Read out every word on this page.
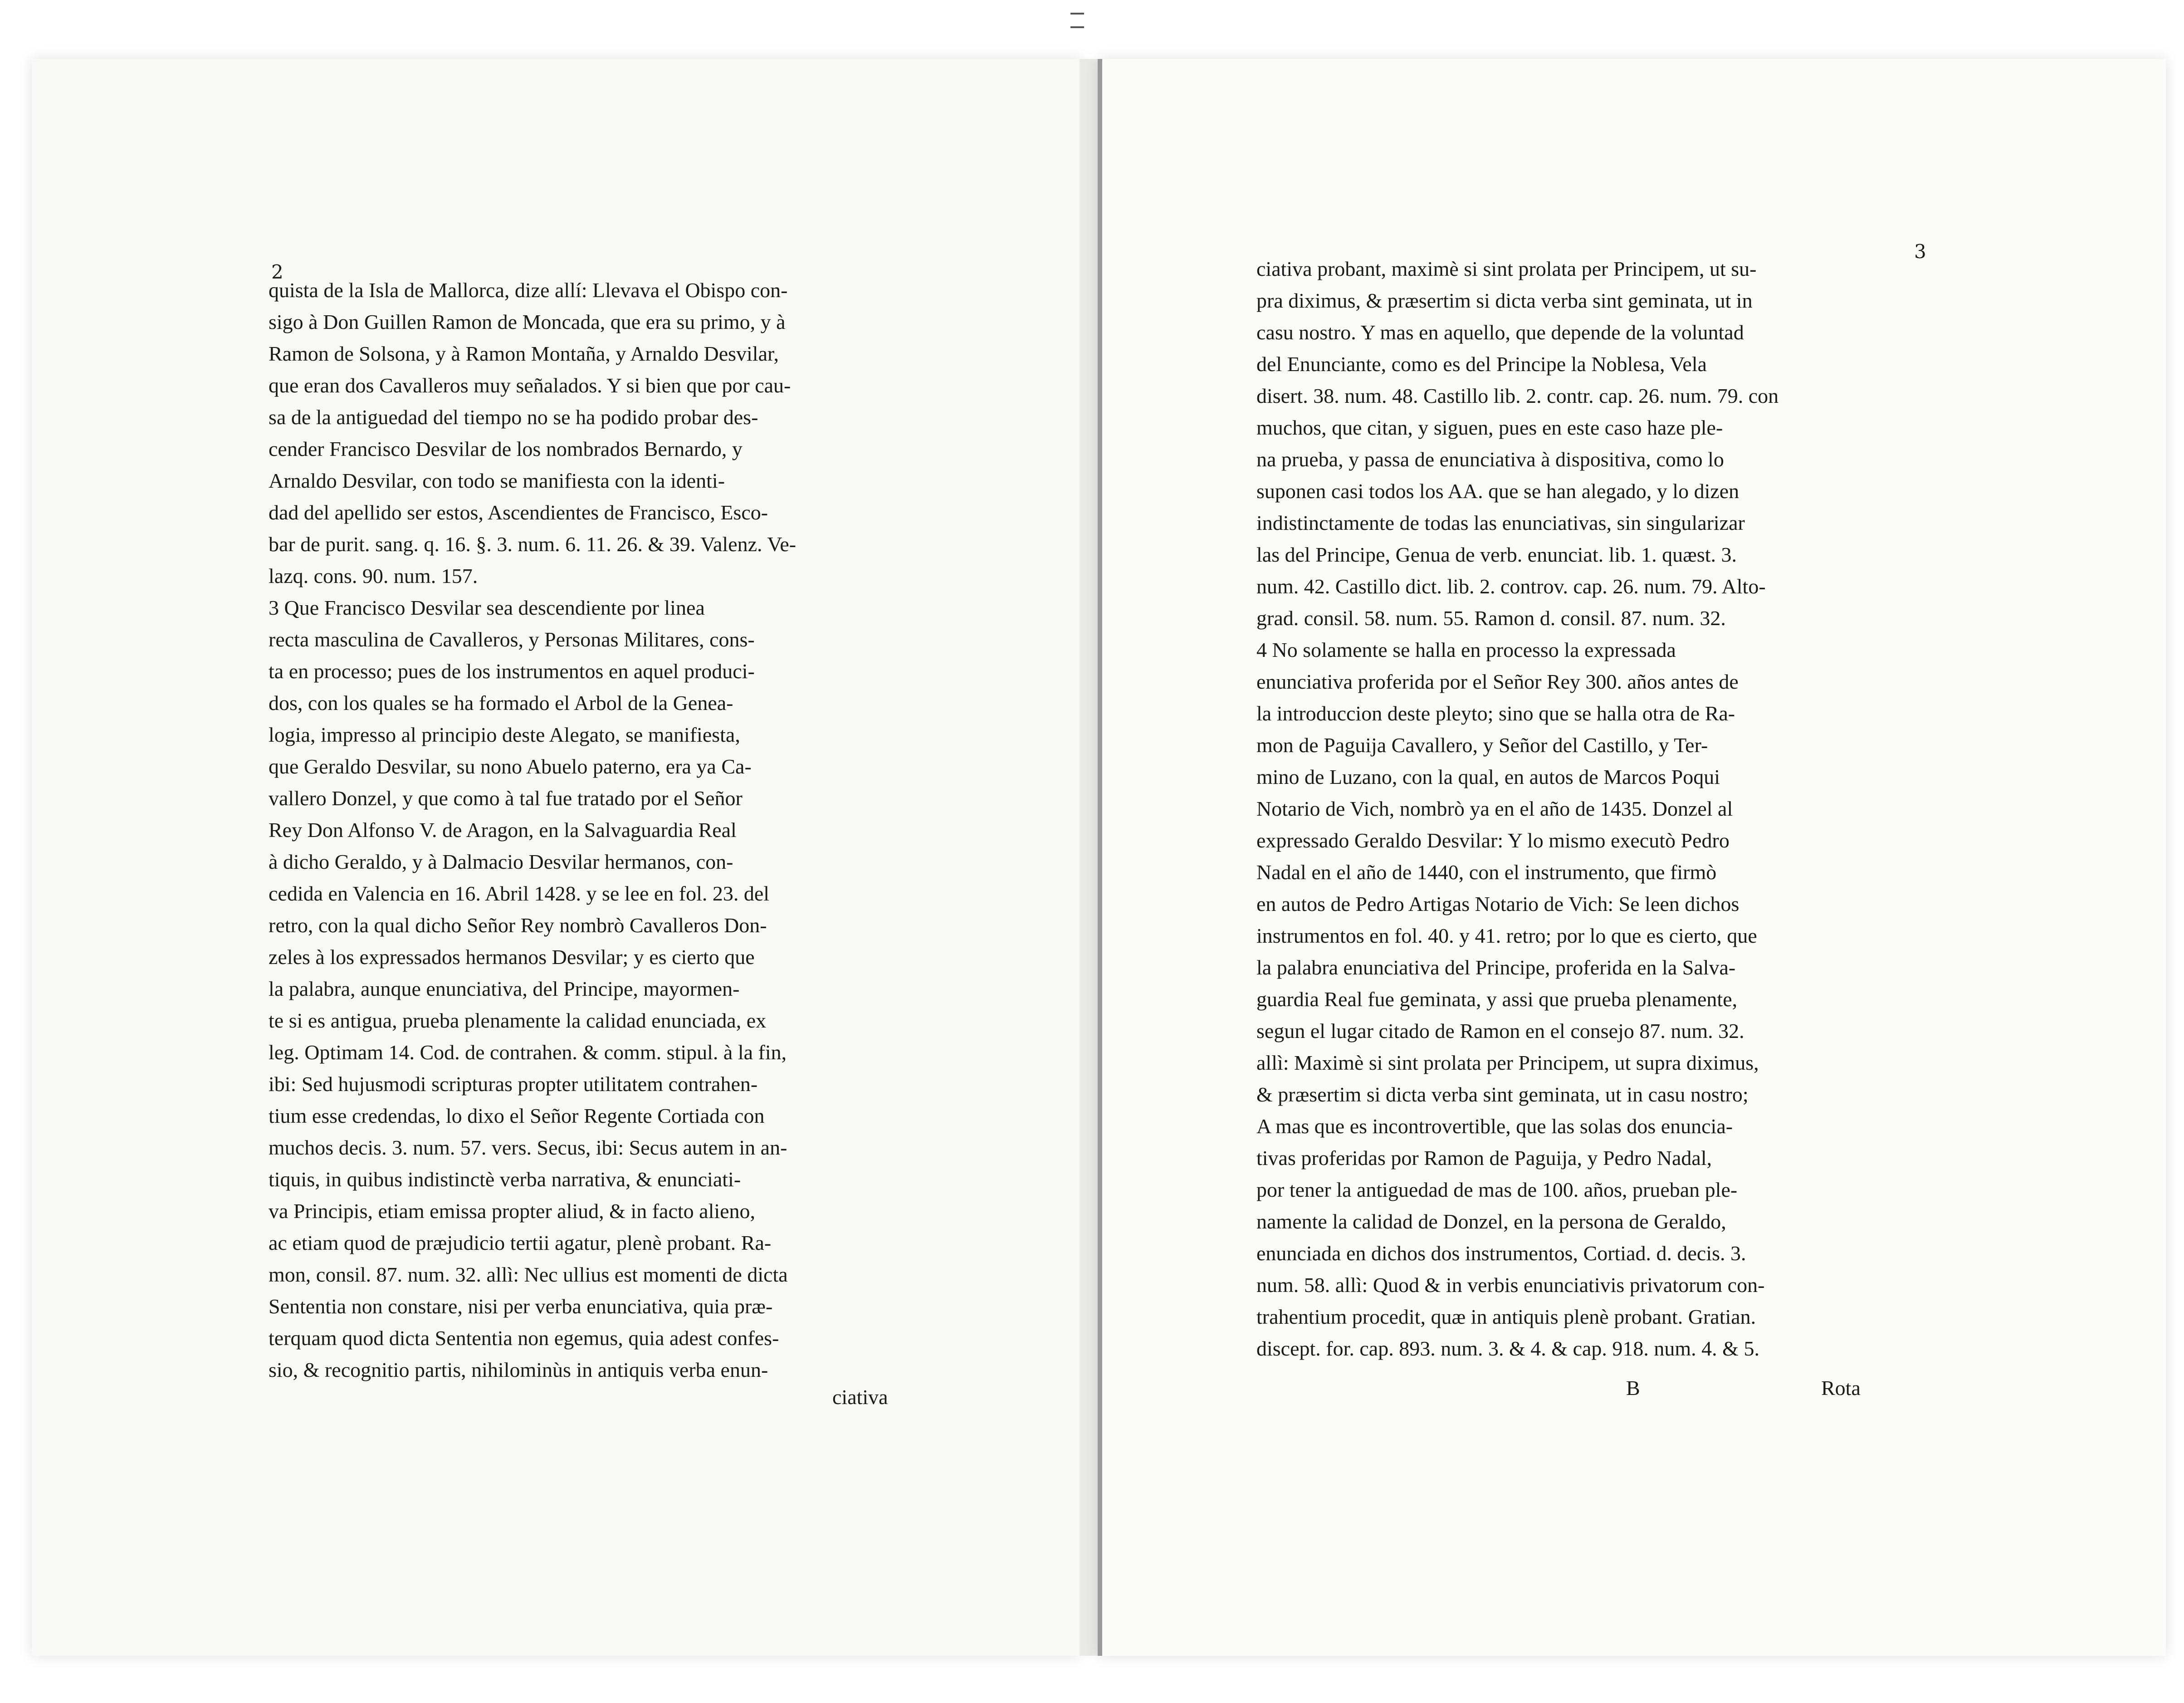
2

quista de la Isla de Mallorca, dize allí: Llevava el Obispo con-

sigo à Don Guillen Ramon de Moncada, que era su primo, y à

Ramon de Solsona, y à Ramon Montaña, y Arnaldo Desvilar,

que eran dos Cavalleros muy señalados. Y si bien que por cau-

sa de la antiguedad del tiempo no se ha podido probar des-

cender Francisco Desvilar de los nombrados Bernardo, y

Arnaldo Desvilar, con todo se manifiesta con la identi-

dad del apellido ser estos, Ascendientes de Francisco, Esco-

bar de purit. sang. q. 16. §. 3. num. 6. 11. 26. & 39. Valenz. Ve-

lazq. cons. 90. num. 157.

3 Que Francisco Desvilar sea descendiente por linea

recta masculina de Cavalleros, y Personas Militares, cons-

ta en processo; pues de los instrumentos en aquel produci-

dos, con los quales se ha formado el Arbol de la Genea-

logia, impresso al principio deste Alegato, se manifiesta,

que Geraldo Desvilar, su nono Abuelo paterno, era ya Ca-

vallero Donzel, y que como à tal fue tratado por el Señor

Rey Don Alfonso V. de Aragon, en la Salvaguardia Real

à dicho Geraldo, y à Dalmacio Desvilar hermanos, con-

cedida en Valencia en 16. Abril 1428. y se lee en fol. 23. del

retro, con la qual dicho Señor Rey nombrò Cavalleros Don-

zeles à los expressados hermanos Desvilar; y es cierto que

la palabra, aunque enunciativa, del Principe, mayormen-

te si es antigua, prueba plenamente la calidad enunciada, ex

leg. Optimam 14. Cod. de contrahen. & comm. stipul. à la fin,

ibi: Sed hujusmodi scripturas propter utilitatem contrahen-

tium esse credendas, lo dixo el Señor Regente Cortiada con

muchos decis. 3. num. 57. vers. Secus, ibi: Secus autem in an-

tiquis, in quibus indistinctè verba narrativa, & enunciati-

va Principis, etiam emissa propter aliud, & in facto alieno,

ac etiam quod de præjudicio tertii agatur, plenè probant. Ra-

mon, consil. 87. num. 32. allì: Nec ullius est momenti de dicta

Sententia non constare, nisi per verba enunciativa, quia præ-

terquam quod dicta Sententia non egemus, quia adest confes-

sio, & recognitio partis, nihilominùs in antiquis verba enun-

ciativa
3

ciativa probant, maximè si sint prolata per Principem, ut su-

pra diximus, & præsertim si dicta verba sint geminata, ut in

casu nostro. Y mas en aquello, que depende de la voluntad

del Enunciante, como es del Principe la Noblesa, Vela

disert. 38. num. 48. Castillo lib. 2. contr. cap. 26. num. 79. con

muchos, que citan, y siguen, pues en este caso haze ple-

na prueba, y passa de enunciativa à dispositiva, como lo

suponen casi todos los AA. que se han alegado, y lo dizen

indistinctamente de todas las enunciativas, sin singularizar

las del Principe, Genua de verb. enunciat. lib. 1. quæst. 3.

num. 42. Castillo dict. lib. 2. controv. cap. 26. num. 79. Alto-

grad. consil. 58. num. 55. Ramon d. consil. 87. num. 32.

4 No solamente se halla en processo la expressada

enunciativa proferida por el Señor Rey 300. años antes de

la introduccion deste pleyto; sino que se halla otra de Ra-

mon de Paguija Cavallero, y Señor del Castillo, y Ter-

mino de Luzano, con la qual, en autos de Marcos Poqui

Notario de Vich, nombrò ya en el año de 1435. Donzel al

expressado Geraldo Desvilar: Y lo mismo executò Pedro

Nadal en el año de 1440, con el instrumento, que firmò

en autos de Pedro Artigas Notario de Vich: Se leen dichos

instrumentos en fol. 40. y 41. retro; por lo que es cierto, que

la palabra enunciativa del Principe, proferida en la Salva-

guardia Real fue geminata, y assi que prueba plenamente,

segun el lugar citado de Ramon en el consejo 87. num. 32.

allì: Maximè si sint prolata per Principem, ut supra diximus,

& præsertim si dicta verba sint geminata, ut in casu nostro;

A mas que es incontrovertible, que las solas dos enuncia-

tivas proferidas por Ramon de Paguija, y Pedro Nadal,

por tener la antiguedad de mas de 100. años, prueban ple-

namente la calidad de Donzel, en la persona de Geraldo,

enunciada en dichos dos instrumentos, Cortiad. d. decis. 3.

num. 58. allì: Quod & in verbis enunciativis privatorum con-

trahentium procedit, quæ in antiquis plenè probant. Gratian.

discept. for. cap. 893. num. 3. & 4. & cap. 918. num. 4. & 5.

B	Rota
